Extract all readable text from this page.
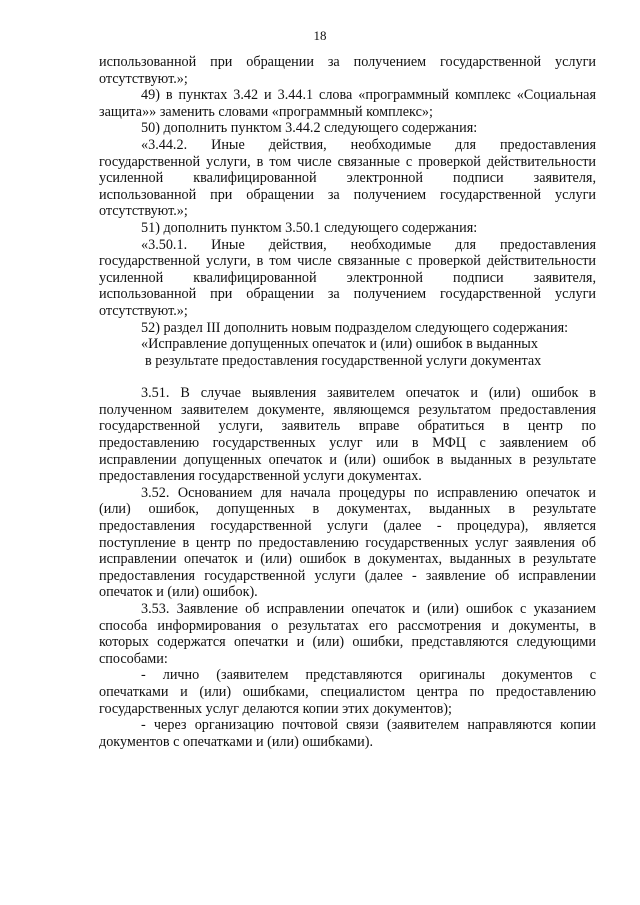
18
использованной при обращении за получением государственной услуги
отсутствуют.»;
49) в пунктах 3.42 и 3.44.1 слова «программный комплекс «Социальная
защита»» заменить словами «программный комплекс»;
50) дополнить пунктом 3.44.2 следующего содержания:
«3.44.2. Иные действия, необходимые для предоставления
государственной услуги, в том числе связанные с проверкой действительности
усиленной квалифицированной электронной подписи заявителя,
использованной при обращении за получением государственной услуги
отсутствуют.»;
51) дополнить пунктом 3.50.1 следующего содержания:
«3.50.1. Иные действия, необходимые для предоставления
государственной услуги, в том числе связанные с проверкой действительности
усиленной квалифицированной электронной подписи заявителя,
использованной при обращении за получением государственной услуги
отсутствуют.»;
52) раздел III дополнить новым подразделом следующего содержания:
«Исправление допущенных опечаток и (или) ошибок в выданных
в результате предоставления государственной услуги документах
3.51. В случае выявления заявителем опечаток и (или) ошибок в
полученном заявителем документе, являющемся результатом предоставления
государственной услуги, заявитель вправе обратиться в центр по
предоставлению государственных услуг или в МФЦ с заявлением об
исправлении допущенных опечаток и (или) ошибок в выданных в результате
предоставления государственной услуги документах.
3.52. Основанием для начала процедуры по исправлению опечаток и
(или) ошибок, допущенных в документах, выданных в результате
предоставления государственной услуги (далее - процедура), является
поступление в центр по предоставлению государственных услуг заявления об
исправлении опечаток и (или) ошибок в документах, выданных в результате
предоставления государственной услуги (далее - заявление об исправлении
опечаток и (или) ошибок).
3.53. Заявление об исправлении опечаток и (или) ошибок с указанием
способа информирования о результатах его рассмотрения и документы, в
которых содержатся опечатки и (или) ошибки, представляются следующими
способами:
- лично (заявителем представляются оригиналы документов с
опечатками и (или) ошибками, специалистом центра по предоставлению
государственных услуг делаются копии этих документов);
- через организацию почтовой связи (заявителем направляются копии
документов с опечатками и (или) ошибками).
